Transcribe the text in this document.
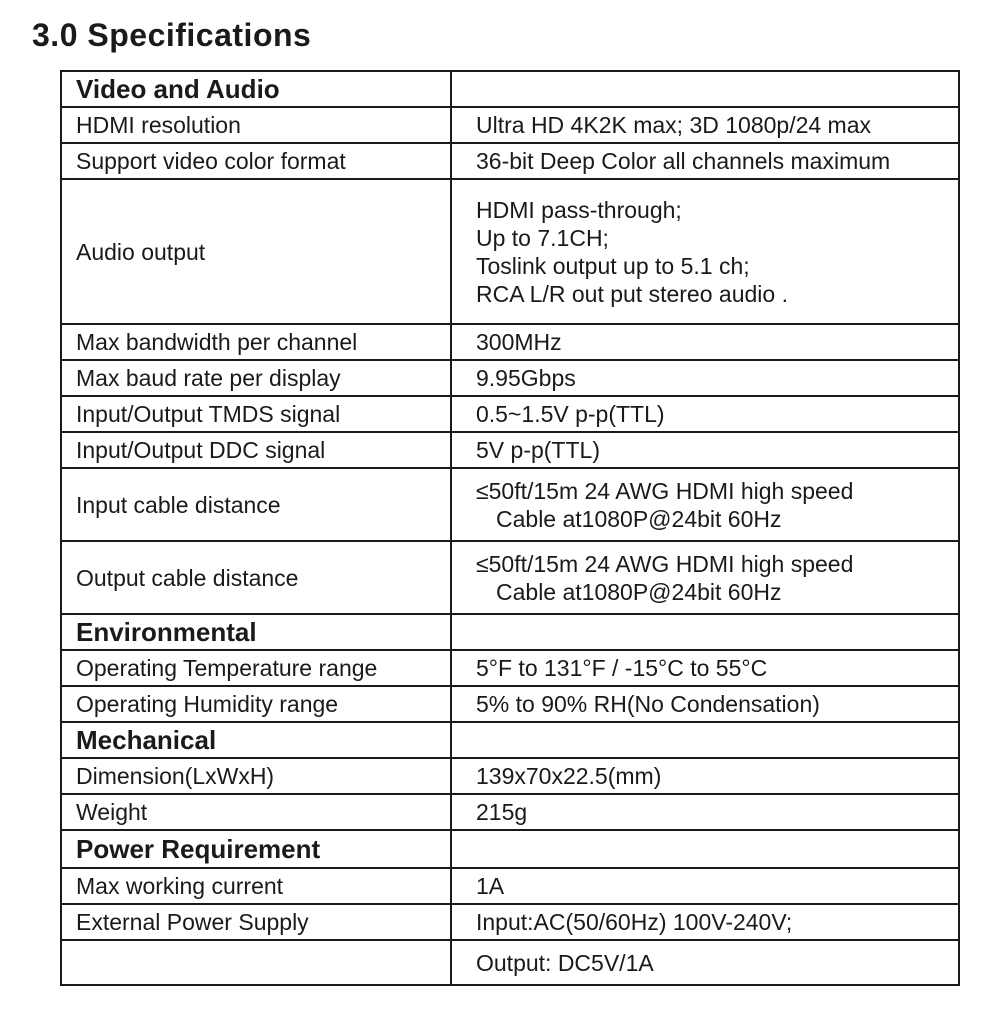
3.0 Specifications
Video and Audio	
HDMI resolution	Ultra HD 4K2K max; 3D 1080p/24 max
Support video color format	36-bit Deep Color all channels maximum
Audio output	HDMI pass-through;
Up to 7.1CH;
Toslink output up to 5.1 ch;
RCA L/R out put stereo audio .

Max bandwidth per channel	300MHz
Max baud rate per display	9.95Gbps
Input/Output TMDS signal	0.5~1.5V p-p(TTL)
Input/Output DDC signal	5V p-p(TTL)
Input cable distance	≤50ft/15m 24 AWG HDMI high speed
Cable at1080P@24bit 60Hz

Output cable distance	≤50ft/15m 24 AWG HDMI high speed
Cable at1080P@24bit 60Hz

Environmental	
Operating Temperature range	5°F to 131°F / -15°C to 55°C
Operating Humidity range	5% to 90% RH(No Condensation)
Mechanical	
Dimension(LxWxH)	139x70x22.5(mm)
Weight	215g
Power Requirement	
Max working current	1A
External Power Supply	Input:AC(50/60Hz) 100V-240V;
	Output: DC5V/1A
